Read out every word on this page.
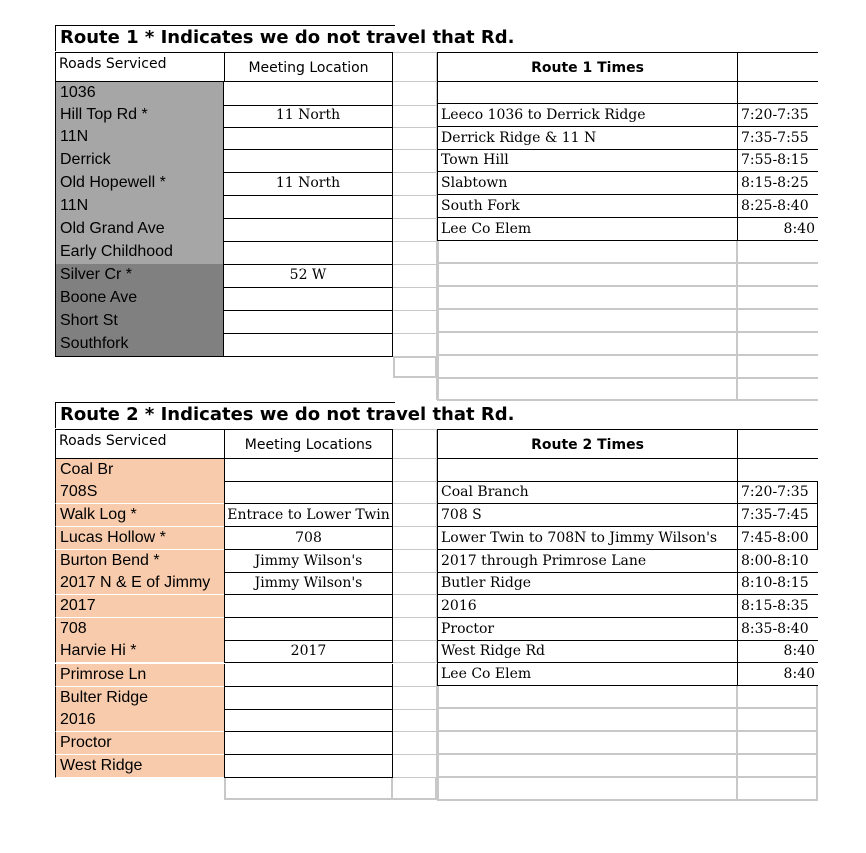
Route 1 * Indicates we do not travel that Rd.
Roads Serviced	Meeting Location	Route 1 Times
1036
Hill Top Rd *	11 North
11N
Derrick
Old Hopewell *	11 North
11N
Old Grand Ave
Early Childhood
Silver Cr *	52 W
Boone Ave
Short St
Southfork
Leeco 1036 to Derrick Ridge	7:20-7:35
Derrick Ridge & 11 N	7:35-7:55
Town Hill	7:55-8:15
Slabtown	8:15-8:25
South Fork	8:25-8:40
Lee Co Elem	8:40
Route 2 * Indicates we do not travel that Rd.
Roads Serviced	Meeting Locations	Route 2 Times
Coal Br
708S
Walk Log *	Entrace to Lower Twin
Lucas Hollow *	708
Burton Bend *	Jimmy Wilson's
2017 N & E of Jimmy	Jimmy Wilson's
2017
708
Harvie Hi *	2017
Primrose Ln
Bulter Ridge
2016
Proctor
West Ridge
Coal Branch	7:20-7:35
708 S	7:35-7:45
Lower Twin to 708N to Jimmy Wilson's	7:45-8:00
2017 through Primrose Lane	8:00-8:10
Butler Ridge	8:10-8:15
2016	8:15-8:35
Proctor	8:35-8:40
West Ridge Rd	8:40
Lee Co Elem	8:40
